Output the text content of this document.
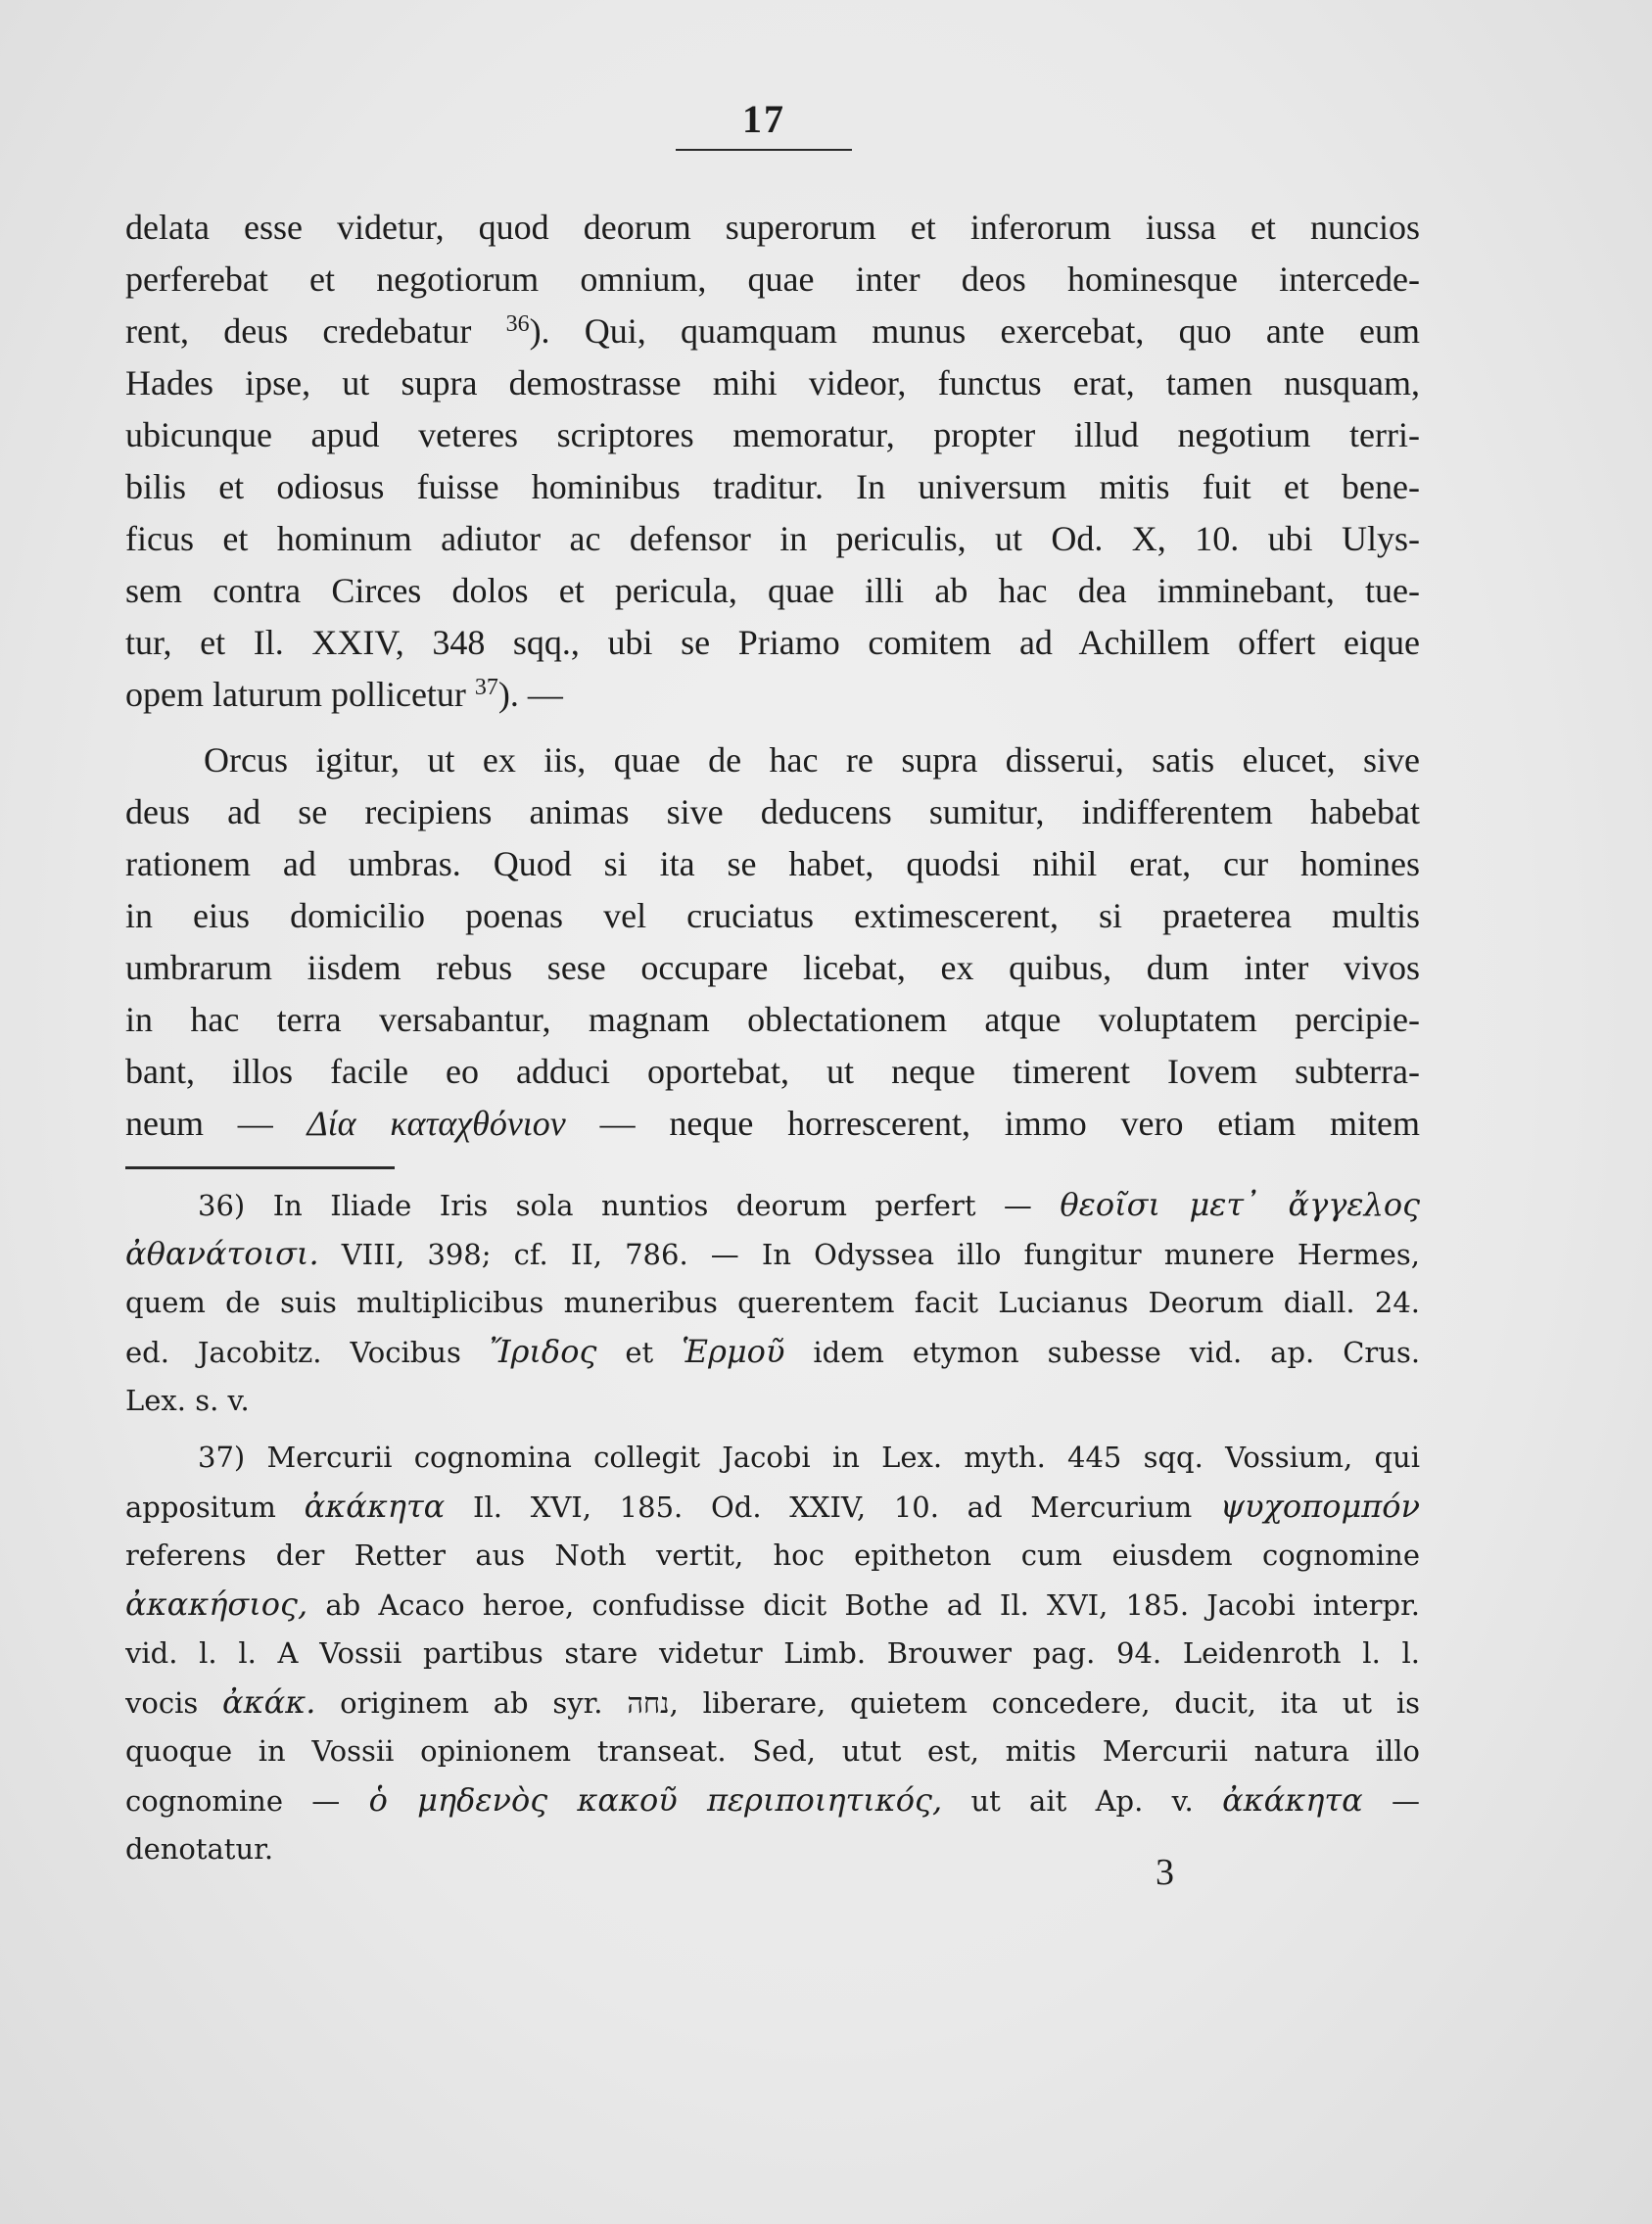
17
delata esse videtur, quod deorum superorum et inferorum iussa et nuncios
perferebat et negotiorum omnium, quae inter deos hominesque intercede-
rent, deus credebatur $^{36}$). Qui, quamquam munus exercebat, quo ante eum
Hades ipse, ut supra demostrasse mihi videor, functus erat, tamen nusquam,
ubicunque apud veteres scriptores memoratur, propter illud negotium terri-
bilis et odiosus fuisse hominibus traditur. In universum mitis fuit et bene-
ficus et hominum adiutor ac defensor in periculis, ut Od. X, 10. ubi Ulys-
sem contra Circes dolos et pericula, quae illi ab hac dea imminebant, tue-
tur, et Il. XXIV, 348 sqq., ubi se Priamo comitem ad Achillem offert eique
opem laturum pollicetur $^{37}$). —
Orcus igitur, ut ex iis, quae de hac re supra disserui, satis elucet, sive
deus ad se recipiens animas sive deducens sumitur, indifferentem habebat
rationem ad umbras. Quod si ita se habet, quodsi nihil erat, cur homines
in eius domicilio poenas vel cruciatus extimescerent, si praeterea multis
umbrarum iisdem rebus sese occupare licebat, ex quibus, dum inter vivos
in hac terra versabantur, magnam oblectationem atque voluptatem percipie-
bant, illos facile eo adduci oportebat, ut neque timerent Iovem subterra-
neum — Δία καταχθόνιον — neque horrescerent, immo vero etiam mitem
36) In Iliade Iris sola nuntios deorum perfert — θεοῖσι μετ᾽ ἄγγελος
ἀθανάτοισι. VIII, 398; cf. II, 786. — In Odyssea illo fungitur munere Hermes,
quem de suis multiplicibus muneribus querentem facit Lucianus Deorum diall. 24.
ed. Jacobitz. Vocibus Ἴριδος et Ἑρμοῦ idem etymon subesse vid. ap. Crus.
Lex. s. v.
37) Mercurii cognomina collegit Jacobi in Lex. myth. 445 sqq. Vossium, qui
appositum ἀκάκητα Il. XVI, 185. Od. XXIV, 10. ad Mercurium ψυχοπομπόν
referens der Retter aus Noth vertit, hoc epitheton cum eiusdem cognomine
ἀκακήσιος, ab Acaco heroe, confudisse dicit Bothe ad Il. XVI, 185. Jacobi interpr.
vid. l. l. A Vossii partibus stare videtur Limb. Brouwer pag. 94. Leidenroth l. l.
vocis ἀκάκ. originem ab syr. נחה, liberare, quietem concedere, ducit, ita ut is
quoque in Vossii opinionem transeat. Sed, utut est, mitis Mercurii natura illo
cognomine — ὁ μηδενὸς κακοῦ περιποιητικός, ut ait Ap. v. ἀκάκητα —
denotatur.
3
